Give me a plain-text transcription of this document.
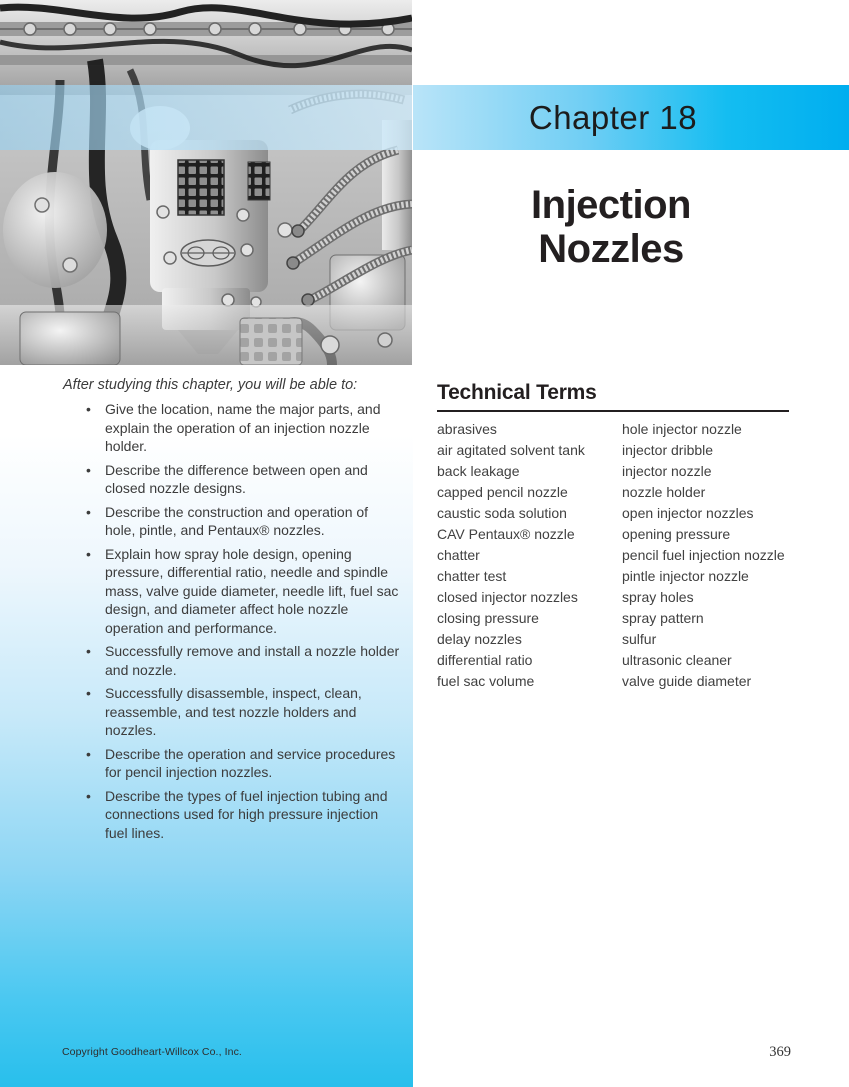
After studying this chapter, you will be able to:
• Give the location, name the major parts, and explain the operation of an injection nozzle holder.
• Describe the difference between open and closed nozzle designs.
• Describe the construction and operation of hole, pintle, and Pentaux® nozzles.
• Explain how spray hole design, opening pressure, differential ratio, needle and spindle mass, valve guide diameter, needle lift, fuel sac design, and diameter affect hole nozzle operation and performance.
• Successfully remove and install a nozzle holder and nozzle.
• Successfully disassemble, inspect, clean, reassemble, and test nozzle holders and nozzles.
• Describe the operation and service procedures for pencil injection nozzles.
• Describe the types of fuel injection tubing and connections used for high pressure injection fuel lines.
Copyright Goodheart-Willcox Co., Inc.
Chapter 18
Injection
Nozzles
Technical Terms
abrasives
air agitated solvent tank
back leakage
capped pencil nozzle
caustic soda solution
CAV Pentaux® nozzle
chatter
chatter test
closed injector nozzles
closing pressure
delay nozzles
differential ratio
fuel sac volume
hole injector nozzle
injector dribble
injector nozzle
nozzle holder
open injector nozzles
opening pressure
pencil fuel injection nozzle
pintle injector nozzle
spray holes
spray pattern
sulfur
ultrasonic cleaner
valve guide diameter
369
